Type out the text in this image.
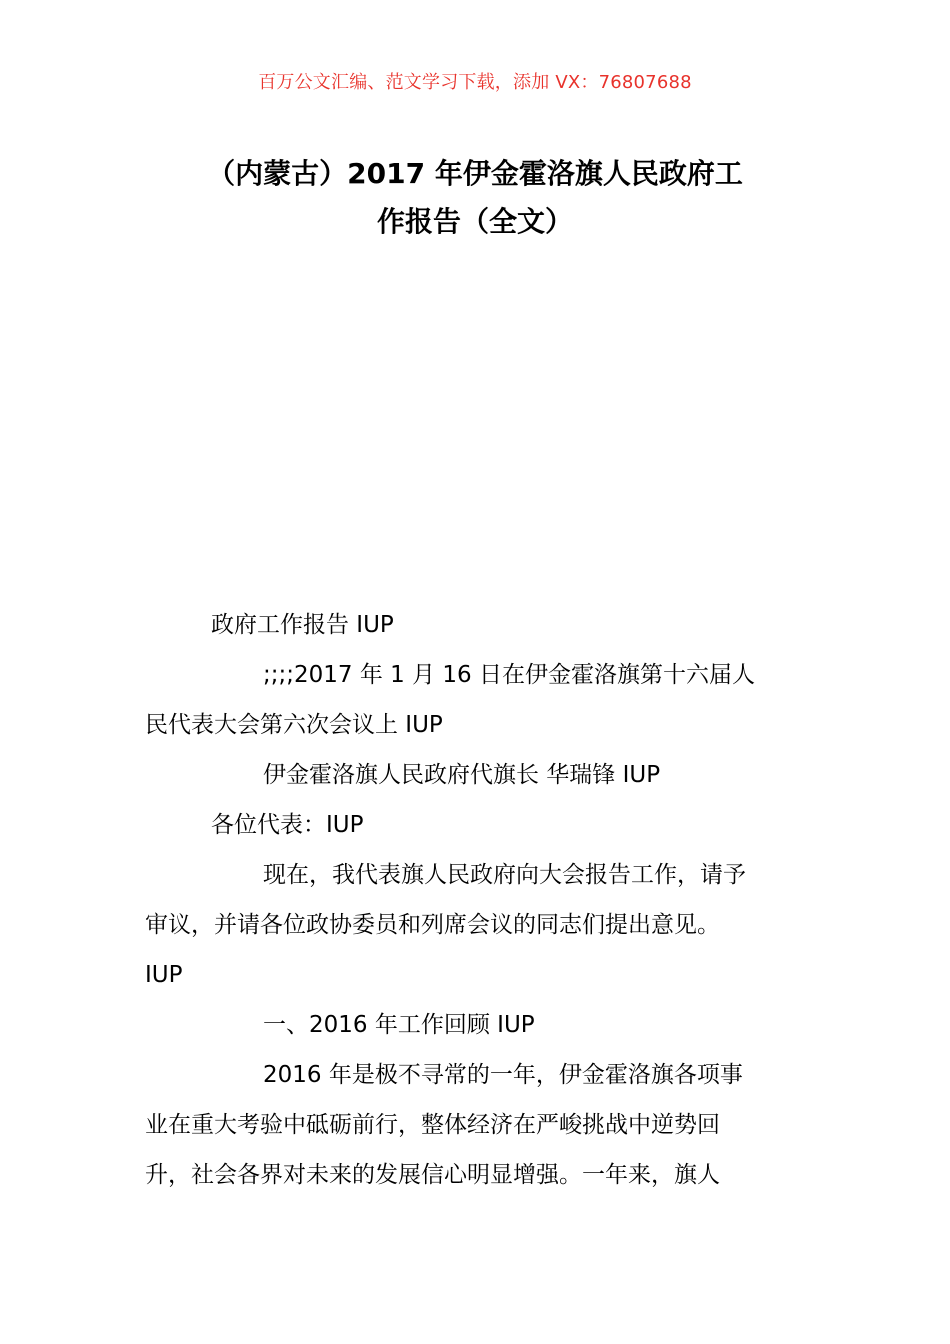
百万公文汇编、范文学习下载，添加 VX：76807688
（内蒙古）2017 年伊金霍洛旗人民政府工
作报告（全文）

政府工作报告 IUP

;;;;2017 年 1 月 16 日在伊金霍洛旗第十六届人

民代表大会第六次会议上 IUP

伊金霍洛旗人民政府代旗长 华瑞锋 IUP

各位代表：IUP

现在，我代表旗人民政府向大会报告工作，请予

审议，并请各位政协委员和列席会议的同志们提出意见。

IUP

一、2016 年工作回顾 IUP

2016 年是极不寻常的一年，伊金霍洛旗各项事

业在重大考验中砥砺前行，整体经济在严峻挑战中逆势回

升，社会各界对未来的发展信心明显增强。一年来，旗人
